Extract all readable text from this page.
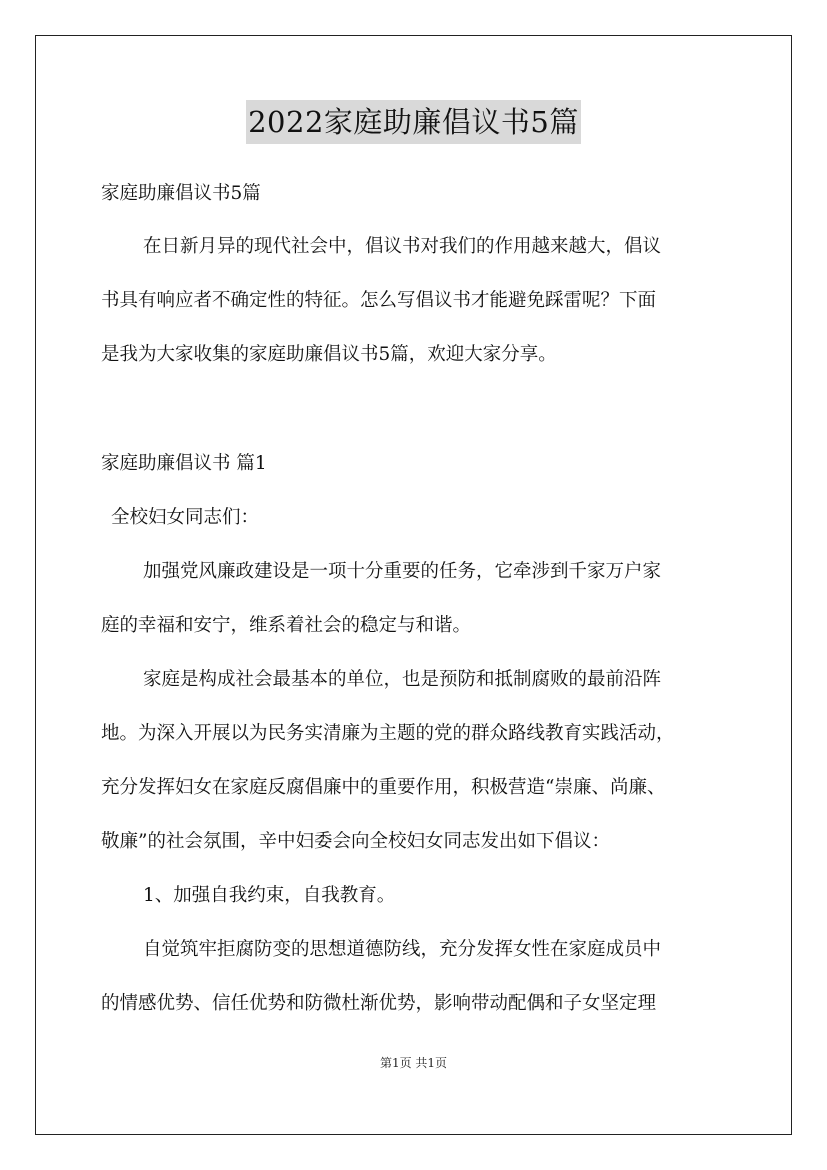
2022家庭助廉倡议书5篇
家庭助廉倡议书5篇
在日新月异的现代社会中，倡议书对我们的作用越来越大，倡议
书具有响应者不确定性的特征。怎么写倡议书才能避免踩雷呢？下面
是我为大家收集的家庭助廉倡议书5篇，欢迎大家分享。
家庭助廉倡议书 篇1
全校妇女同志们：
加强党风廉政建设是一项十分重要的任务，它牵涉到千家万户家
庭的幸福和安宁，维系着社会的稳定与和谐。
家庭是构成社会最基本的单位，也是预防和抵制腐败的最前沿阵
地。为深入开展以为民务实清廉为主题的党的群众路线教育实践活动，
充分发挥妇女在家庭反腐倡廉中的重要作用，积极营造“崇廉、尚廉、
敬廉”的社会氛围，辛中妇委会向全校妇女同志发出如下倡议：
1、加强自我约束，自我教育。
自觉筑牢拒腐防变的思想道德防线，充分发挥女性在家庭成员中
的情感优势、信任优势和防微杜渐优势，影响带动配偶和子女坚定理
第1页 共1页
